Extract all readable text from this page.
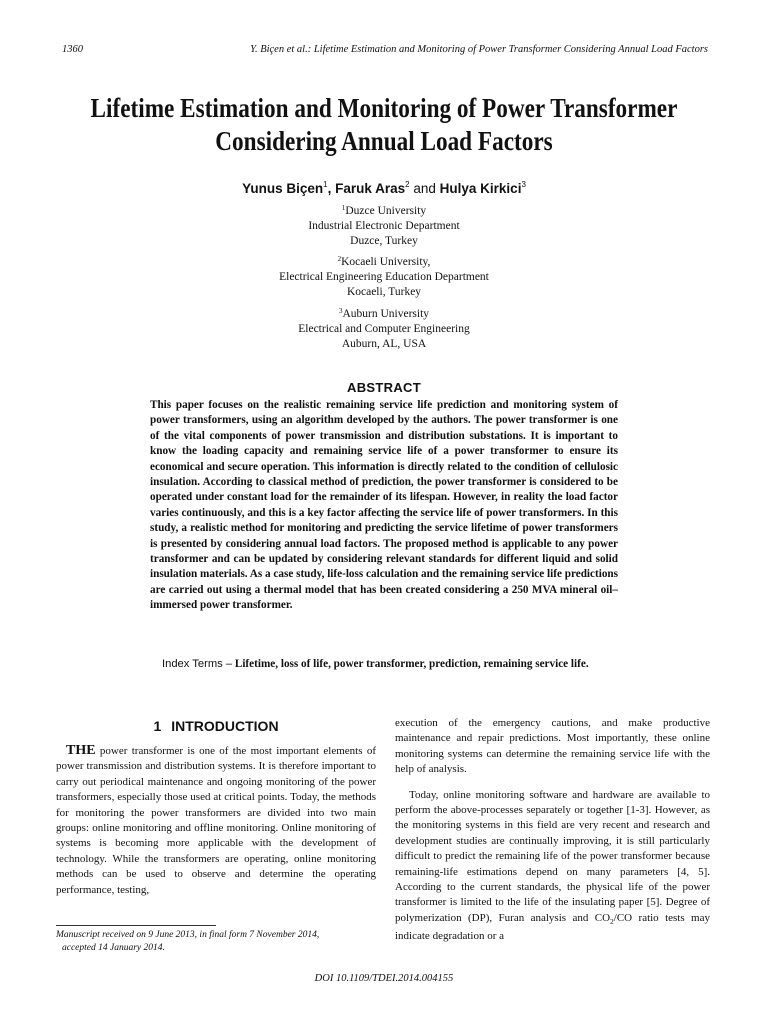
1360	Y. Biçen et al.: Lifetime Estimation and Monitoring of Power Transformer Considering Annual Load Factors
Lifetime Estimation and Monitoring of Power Transformer
Considering Annual Load Factors
Yunus Biçen$^1$, Faruk Aras$^2$ and Hulya Kirkici$^3$
$^1$Duzce University
Industrial Electronic Department
Duzce, Turkey
$^2$Kocaeli University,
Electrical Engineering Education Department
Kocaeli, Turkey
$^3$Auburn University
Electrical and Computer Engineering
Auburn, AL, USA
ABSTRACT
This paper focuses on the realistic remaining service life prediction and monitoring system of power transformers, using an algorithm developed by the authors. The power transformer is one of the vital components of power transmission and distribution substations. It is important to know the loading capacity and remaining service life of a power transformer to ensure its economical and secure operation. This information is directly related to the condition of cellulosic insulation. According to classical method of prediction, the power transformer is considered to be operated under constant load for the remainder of its lifespan. However, in reality the load factor varies continuously, and this is a key factor affecting the service life of power transformers. In this study, a realistic method for monitoring and predicting the service lifetime of power transformers is presented by considering annual load factors. The proposed method is applicable to any power transformer and can be updated by considering relevant standards for different liquid and solid insulation materials. As a case study, life-loss calculation and the remaining service life predictions are carried out using a thermal model that has been created considering a 250 MVA mineral oil–immersed power transformer.
Index Terms – Lifetime, loss of life, power transformer, prediction, remaining service life.
1 INTRODUCTION

THE power transformer is one of the most important elements of power transmission and distribution systems. It is therefore important to carry out periodical maintenance and ongoing monitoring of the power transformers, especially those used at critical points. Today, the methods for monitoring the power transformers are divided into two main groups: online monitoring and offline monitoring. Online monitoring of systems is becoming more applicable with the development of technology. While the transformers are operating, online monitoring methods can be used to observe and determine the operating performance, testing,

execution of the emergency cautions, and make productive maintenance and repair predictions. Most importantly, these online monitoring systems can determine the remaining service life with the help of analysis.

Today, online monitoring software and hardware are available to perform the above-processes separately or together [1-3]. However, as the monitoring systems in this field are very recent and research and development studies are continually improving, it is still particularly difficult to predict the remaining life of the power transformer because remaining-life estimations depend on many parameters [4, 5]. According to the current standards, the physical life of the power transformer is limited to the life of the insulating paper [5]. Degree of polymerization (DP), Furan analysis and $CO_2/CO$ ratio tests may indicate degradation or a

Manuscript received on 9 June 2013, in final form 7 November 2014,
accepted 14 January 2014.
DOI 10.1109/TDEI.2014.004155
